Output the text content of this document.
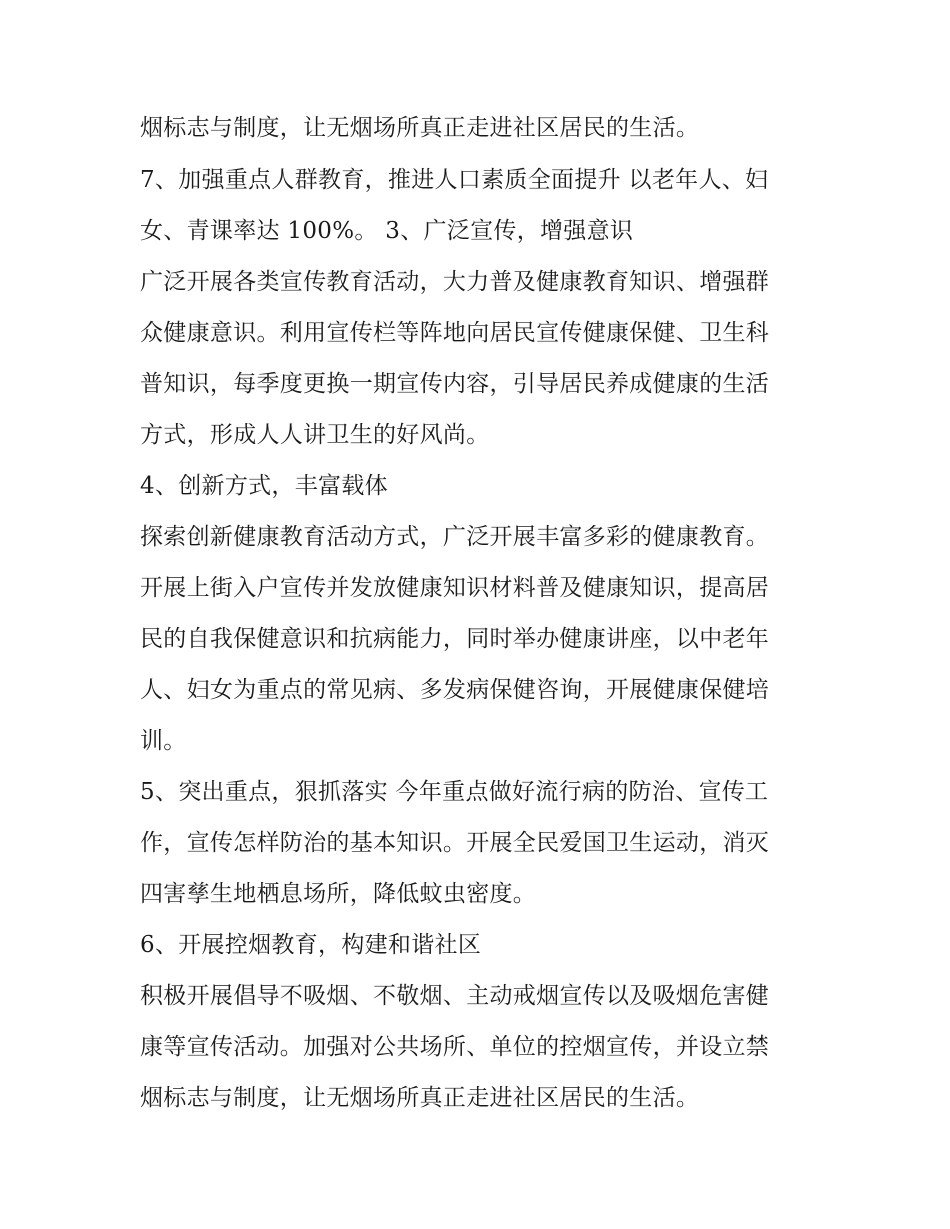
烟标志与制度，让无烟场所真正走进社区居民的生活。
7、加强重点人群教育，推进人口素质全面提升 以老年人、妇
女、青课率达 100%。 3、广泛宣传，增强意识
广泛开展各类宣传教育活动，大力普及健康教育知识、增强群
众健康意识。利用宣传栏等阵地向居民宣传健康保健、卫生科
普知识，每季度更换一期宣传内容，引导居民养成健康的生活
方式，形成人人讲卫生的好风尚。
4、创新方式，丰富载体
探索创新健康教育活动方式，广泛开展丰富多彩的健康教育。
开展上街入户宣传并发放健康知识材料普及健康知识，提高居
民的自我保健意识和抗病能力，同时举办健康讲座，以中老年
人、妇女为重点的常见病、多发病保健咨询，开展健康保健培
训。
5、突出重点，狠抓落实 今年重点做好流行病的防治、宣传工
作，宣传怎样防治的基本知识。开展全民爱国卫生运动，消灭
四害孳生地栖息场所，降低蚊虫密度。
6、开展控烟教育，构建和谐社区
积极开展倡导不吸烟、不敬烟、主动戒烟宣传以及吸烟危害健
康等宣传活动。加强对公共场所、单位的控烟宣传，并设立禁
烟标志与制度，让无烟场所真正走进社区居民的生活。
